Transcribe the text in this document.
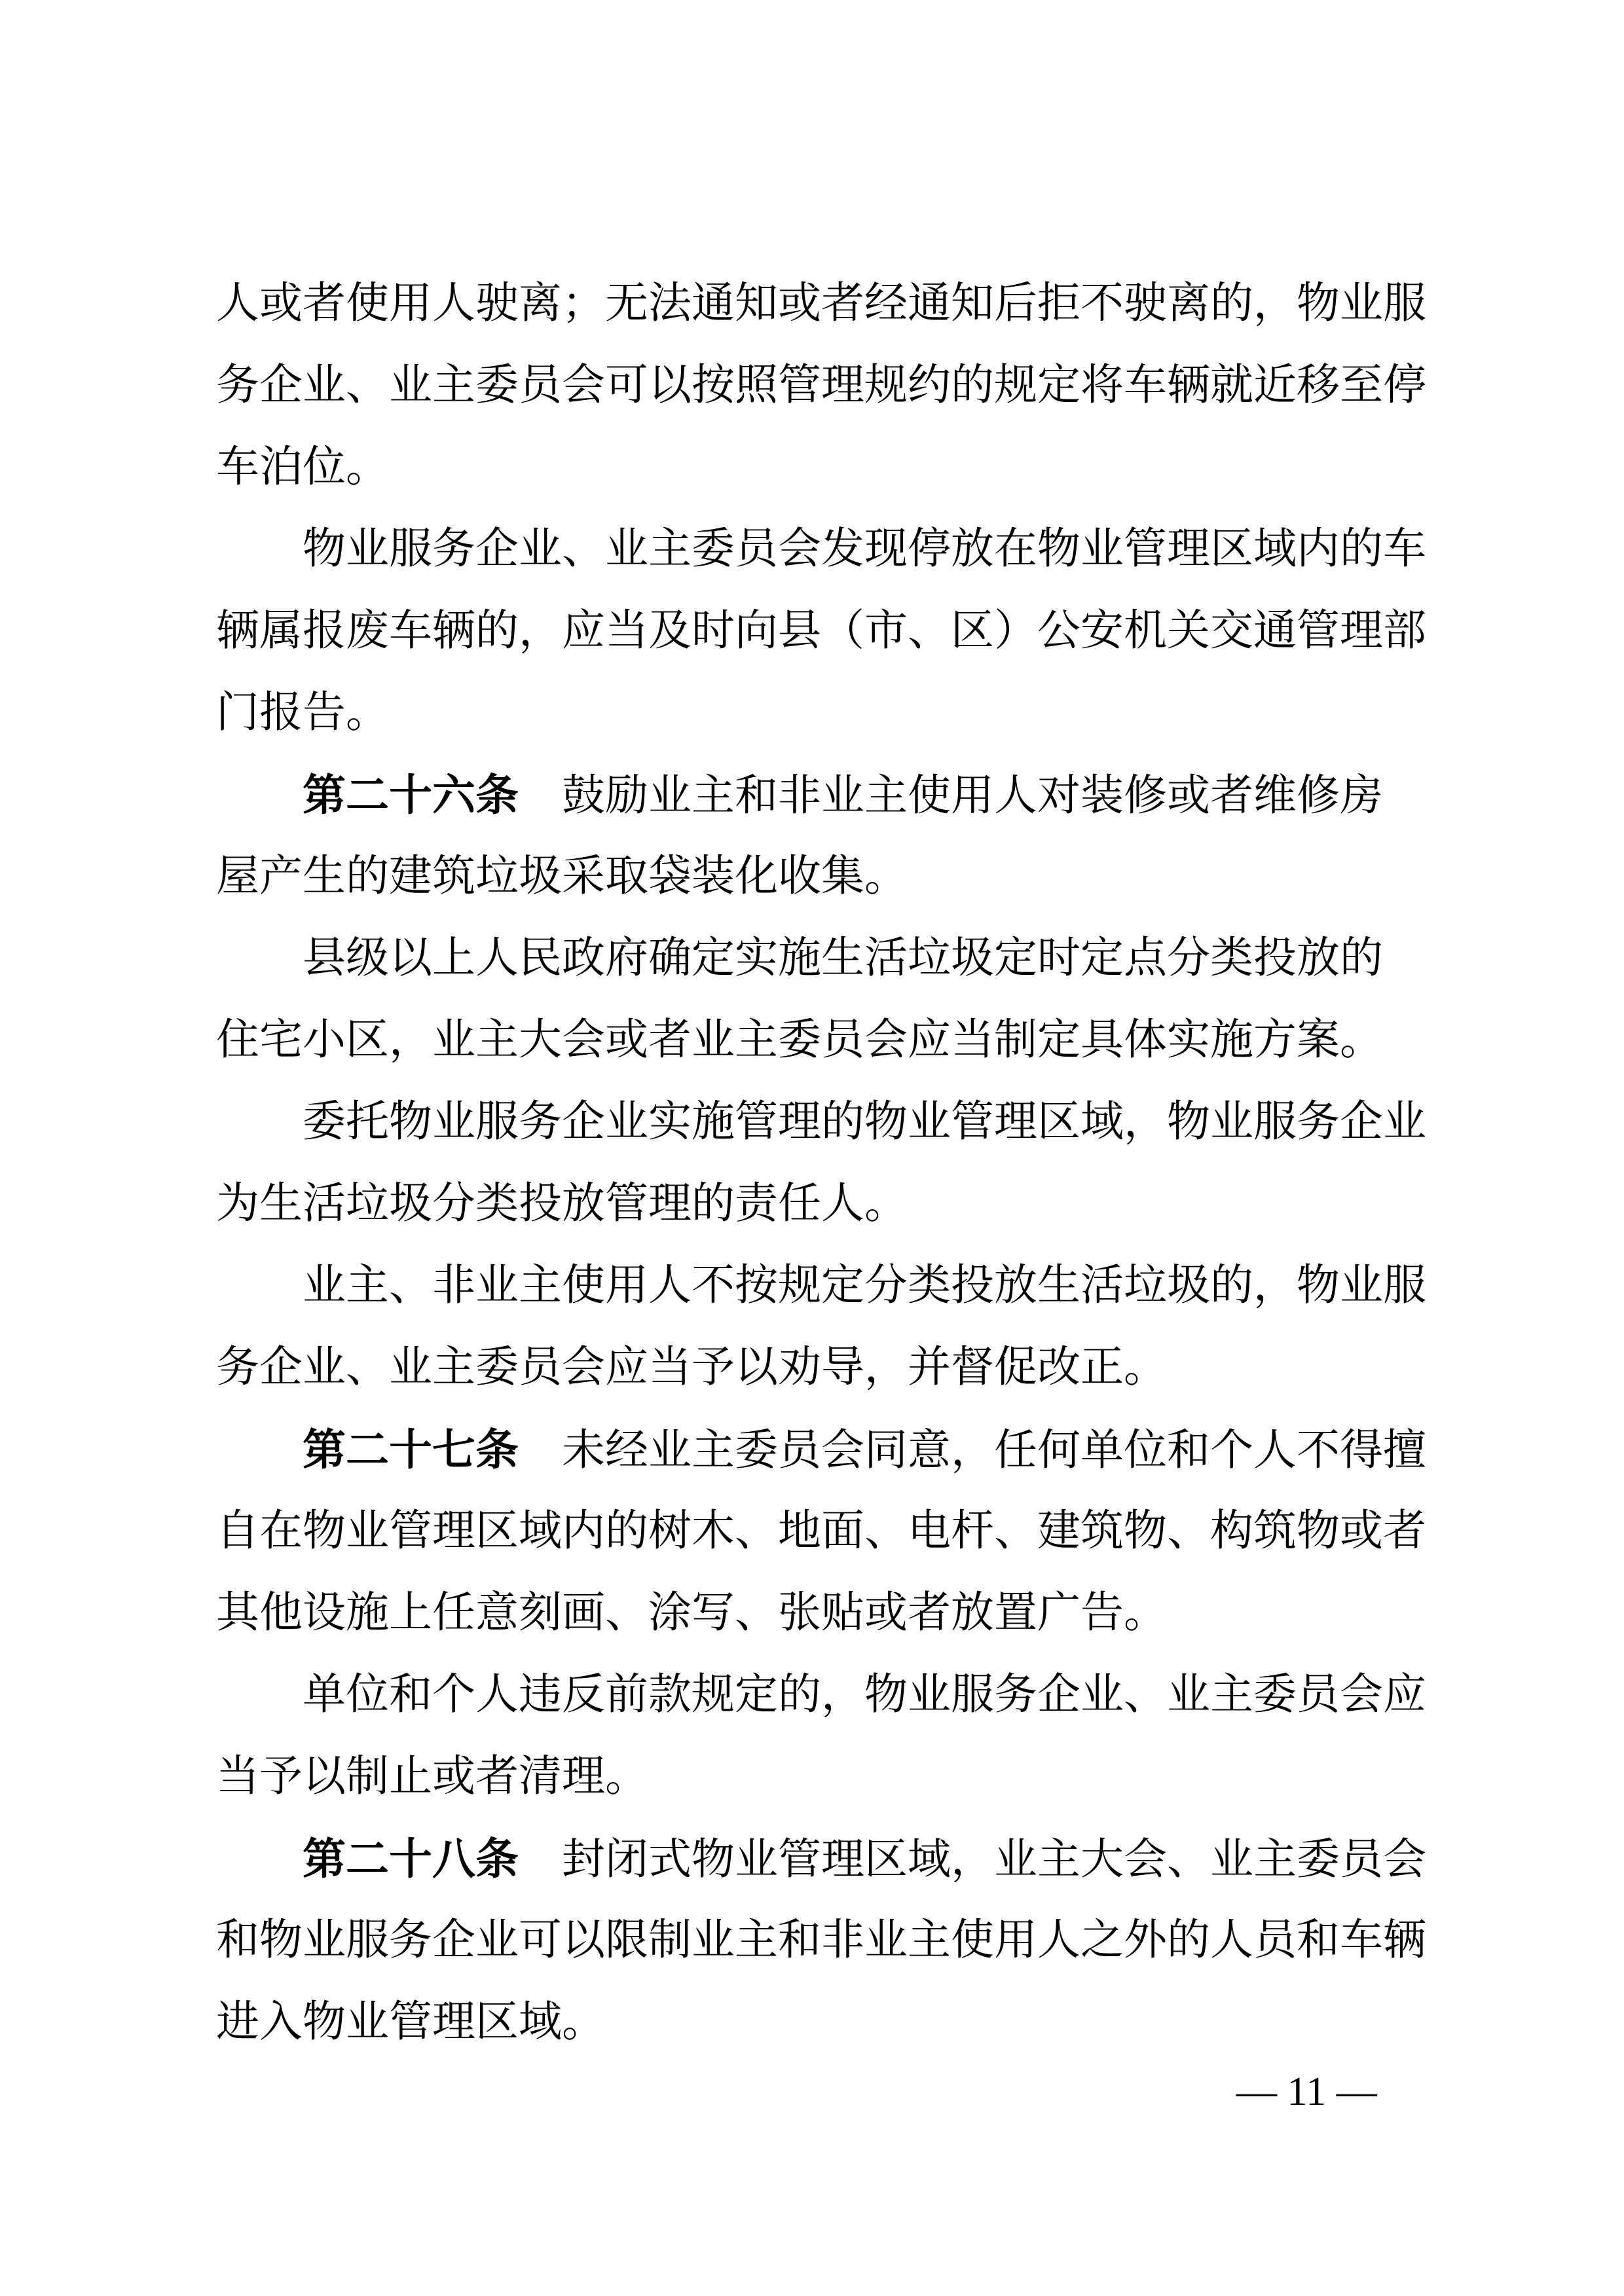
人或者使用人驶离；无法通知或者经通知后拒不驶离的，物业服
务企业、业主委员会可以按照管理规约的规定将车辆就近移至停
车泊位。
物业服务企业、业主委员会发现停放在物业管理区域内的车
辆属报废车辆的，应当及时向县（市、区）公安机关交通管理部
门报告。
第二十六条　鼓励业主和非业主使用人对装修或者维修房
屋产生的建筑垃圾采取袋装化收集。
县级以上人民政府确定实施生活垃圾定时定点分类投放的
住宅小区，业主大会或者业主委员会应当制定具体实施方案。
委托物业服务企业实施管理的物业管理区域，物业服务企业
为生活垃圾分类投放管理的责任人。
业主、非业主使用人不按规定分类投放生活垃圾的，物业服
务企业、业主委员会应当予以劝导，并督促改正。
第二十七条　未经业主委员会同意，任何单位和个人不得擅
自在物业管理区域内的树木、地面、电杆、建筑物、构筑物或者
其他设施上任意刻画、涂写、张贴或者放置广告。
单位和个人违反前款规定的，物业服务企业、业主委员会应
当予以制止或者清理。
第二十八条　封闭式物业管理区域，业主大会、业主委员会
和物业服务企业可以限制业主和非业主使用人之外的人员和车辆
进入物业管理区域。
— 11 —
